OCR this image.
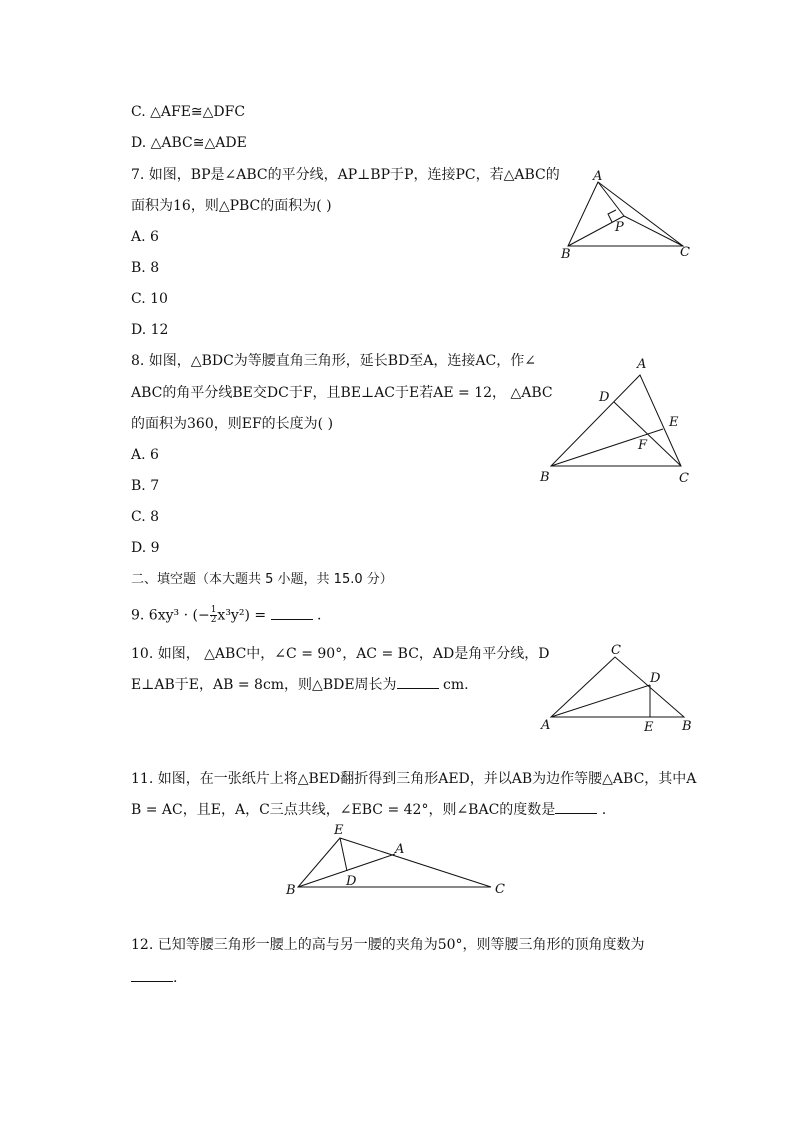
C. △AFE≅△DFC
D. △ABC≅△ADE
7. 如图，BP是∠ABC的平分线，AP⊥BP于P，连接PC，若△ABC的
面积为16，则△PBC的面积为( )
A. 6
B. 8
C. 10
D. 12
A
B	C
P
8. 如图，△BDC为等腰直角三角形，延长BD至A，连接AC，作∠
ABC的角平分线BE交DC于F，且BE⊥AC于E若AE = 12， △ABC
的面积为360，则EF的长度为( )
A. 6
B. 7
C. 8
D. 9
A
D
E
F
B	C
二、填空题（本大题共 5 小题，共 15.0 分）
9. 6xy³ · (− $\frac{1}{2} x^3y^2$) =	.
10. 如图， △ABC中，∠C = 90°，AC = BC，AD是角平分线，D
E⊥AB于E，AB = 8cm，则△BDE周长为	cm.
C
D
A	E B
11. 如图，在一张纸片上将△BED翻折得到三角形AED，并以AB为边作等腰△ABC，其中A
B = AC，且E，A，C三点共线，∠EBC = 42°，则∠BAC的度数是	.
E
A
D
B	C
12. 已知等腰三角形一腰上的高与另一腰的夹角为50°，则等腰三角形的顶角度数为
.
